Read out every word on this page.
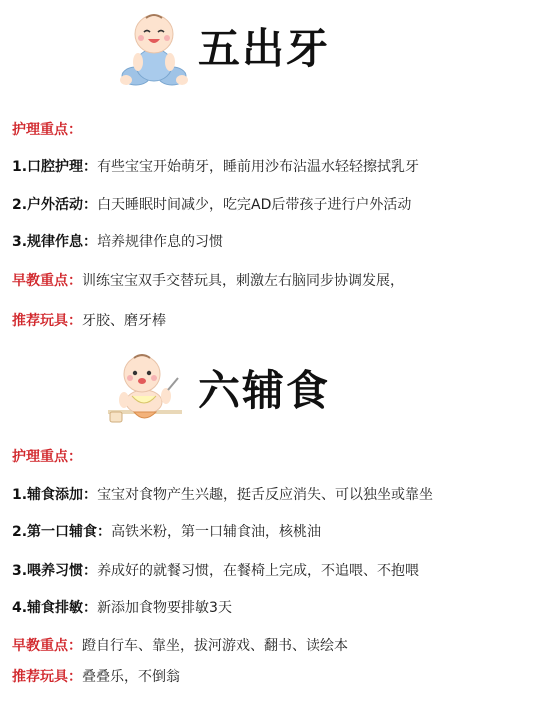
五出牙
护理重点：
1.口腔护理：有些宝宝开始萌牙，睡前用沙布沾温水轻轻擦拭乳牙
2.户外活动：白天睡眠时间减少，吃完AD后带孩子进行户外活动
3.规律作息：培养规律作息的习惯
早教重点：训练宝宝双手交替玩具，刺激左右脑同步协调发展，
推荐玩具：牙胶、磨牙棒
六辅食
护理重点：
1.辅食添加：宝宝对食物产生兴趣，挺舌反应消失、可以独坐或靠坐
2.第一口辅食：高铁米粉，第一口辅食油，核桃油
3.喂养习惯：养成好的就餐习惯，在餐椅上完成，不追喂、不抱喂
4.辅食排敏：新添加食物要排敏3天
早教重点：蹬自行车、靠坐，拔河游戏、翻书、读绘本
推荐玩具：叠叠乐，不倒翁
